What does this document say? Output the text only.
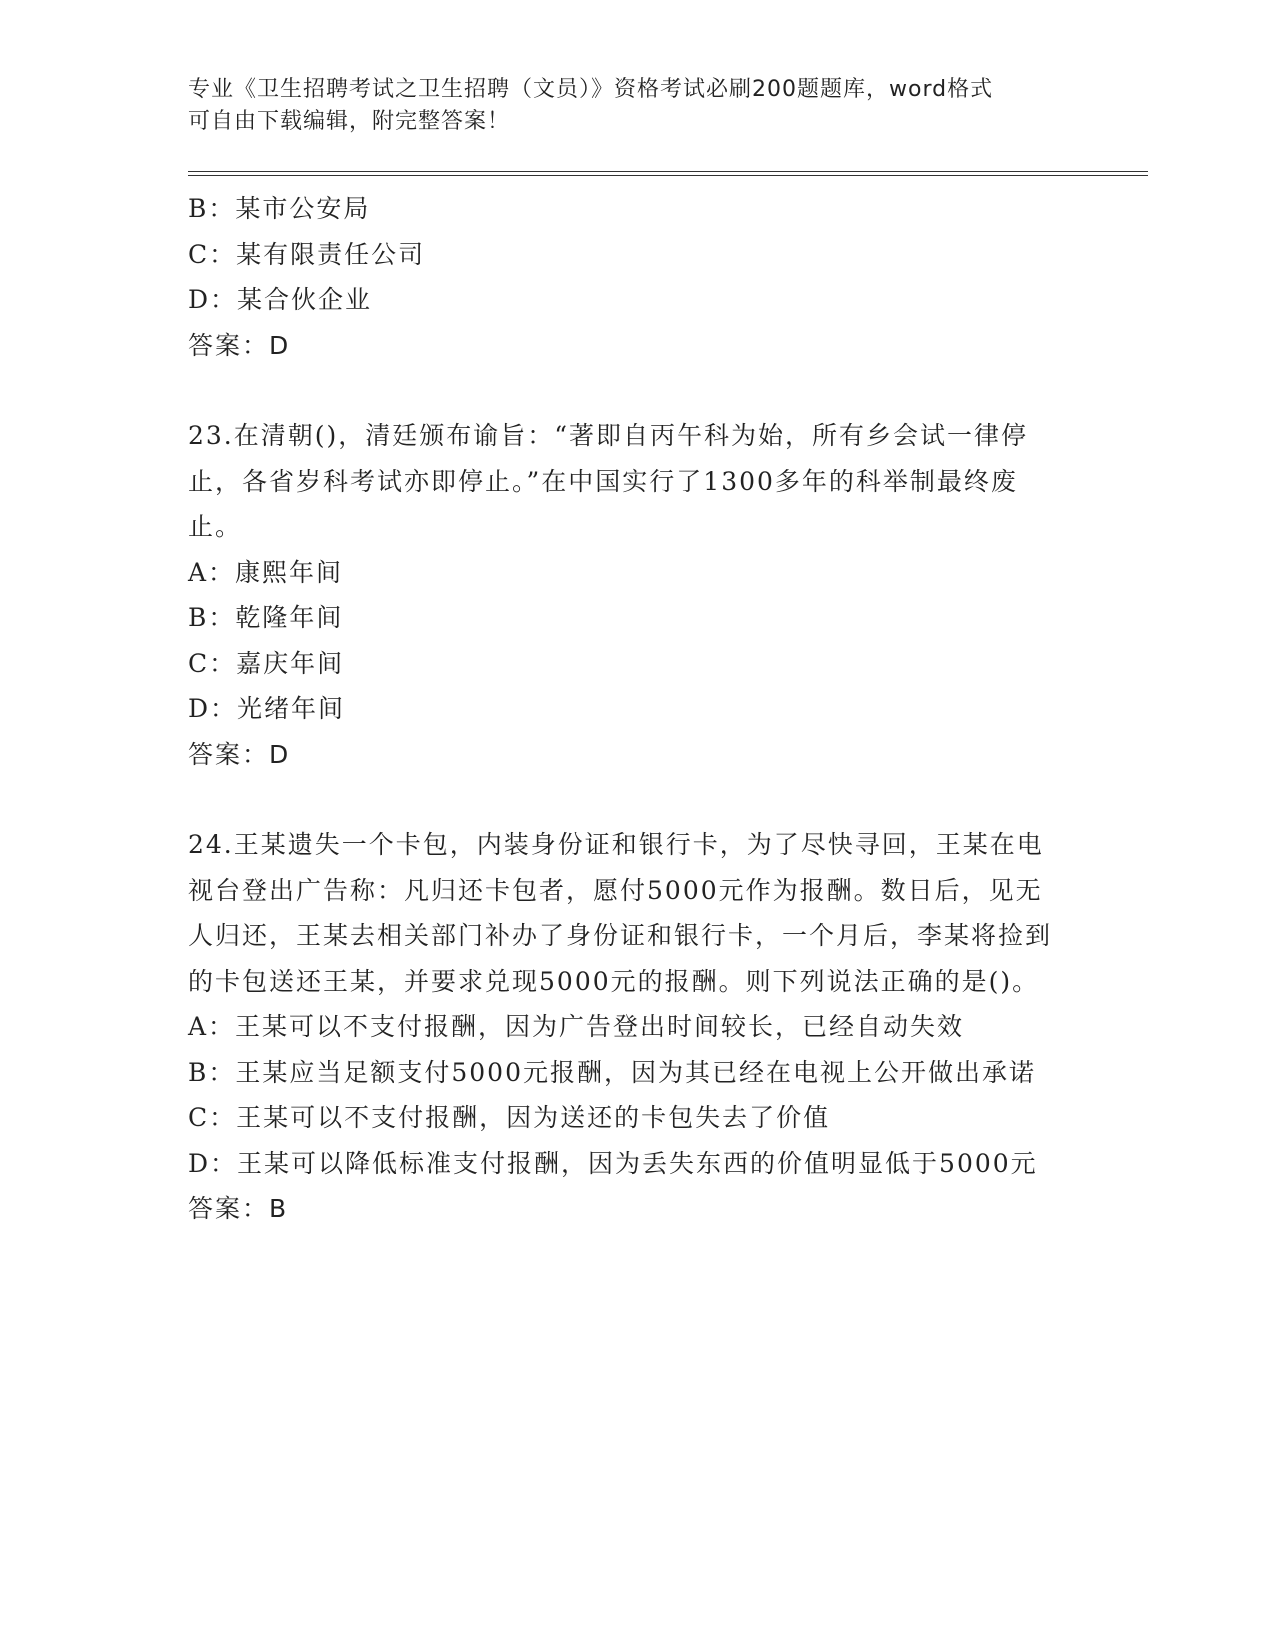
专业《卫生招聘考试之卫生招聘（文员）》资格考试必刷200题题库，word格式
可自由下载编辑，附完整答案！
B：某市公安局
C：某有限责任公司
D：某合伙企业
答案：D
23.在清朝()，清廷颁布谕旨：“著即自丙午科为始，所有乡会试一律停止，各省岁科考试亦即停止。”在中国实行了1300多年的科举制最终废止。
A：康熙年间
B：乾隆年间
C：嘉庆年间
D：光绪年间
答案：D
24.王某遗失一个卡包，内装身份证和银行卡，为了尽快寻回，王某在电视台登出广告称：凡归还卡包者，愿付5000元作为报酬。数日后，见无人归还，王某去相关部门补办了身份证和银行卡，一个月后，李某将捡到的卡包送还王某，并要求兑现5000元的报酬。则下列说法正确的是()。
A：王某可以不支付报酬，因为广告登出时间较长，已经自动失效
B：王某应当足额支付5000元报酬，因为其已经在电视上公开做出承诺
C：王某可以不支付报酬，因为送还的卡包失去了价值
D：王某可以降低标准支付报酬，因为丢失东西的价值明显低于5000元
答案：B
